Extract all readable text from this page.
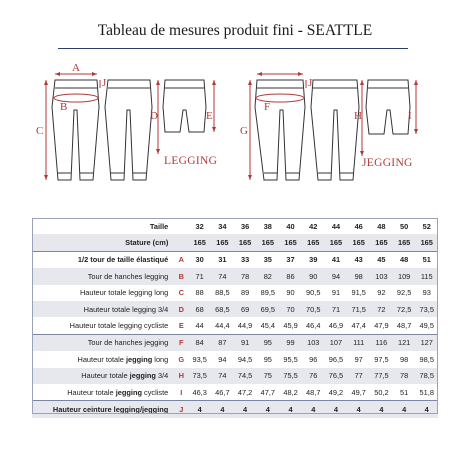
Tableau de mesures produit fini - SEATTLE
A
B
C
J
D	E
LEGGING
F
G
J
H	I
JEGGING
Taille		32	34	36	38	40	42	44	46	48	50	52
Stature (cm)		165	165	165	165	165	165	165	165	165	165	165
1/2 tour de taille élastiqué	A	30	31	33	35	37	39	41	43	45	48	51
Tour de hanches legging	B	71	74	78	82	86	90	94	98	103	109	115
Hauteur totale legging long	C	88	88,5	89	89,5	90	90,5	91	91,5	92	92,5	93
Hauteur totale legging 3/4	D	68	68,5	69	69,5	70	70,5	71	71,5	72	72,5	73,5
Hauteur totale legging cycliste	E	44	44,4	44,9	45,4	45,9	46,4	46,9	47,4	47,9	48,7	49,5
Tour de hanches jegging	F	84	87	91	95	99	103	107	111	116	121	127
Hauteur totale jegging long	G	93,5	94	94,5	95	95,5	96	96,5	97	97,5	98	98,5
Hauteur totale jegging 3/4	H	73,5	74	74,5	75	75,5	76	76,5	77	77,5	78	78,5
Hauteur totale jegging cycliste	I	46,3	46,7	47,2	47,7	48,2	48,7	49,2	49,7	50,2	51	51,8
Hauteur ceinture legging/jegging	J	4	4	4	4	4	4	4	4	4	4	4
